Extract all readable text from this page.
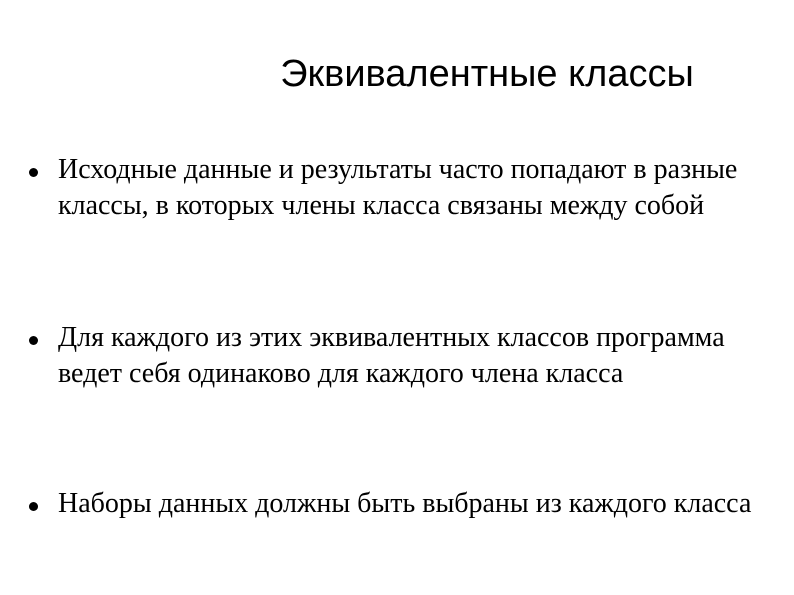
Эквивалентные классы
Исходные данные и результаты часто попадают в разные классы, в которых члены класса связаны между собой
Для каждого из этих эквивалентных классов программа ведет себя одинаково для каждого члена класса
Наборы данных должны быть выбраны из каждого класса
